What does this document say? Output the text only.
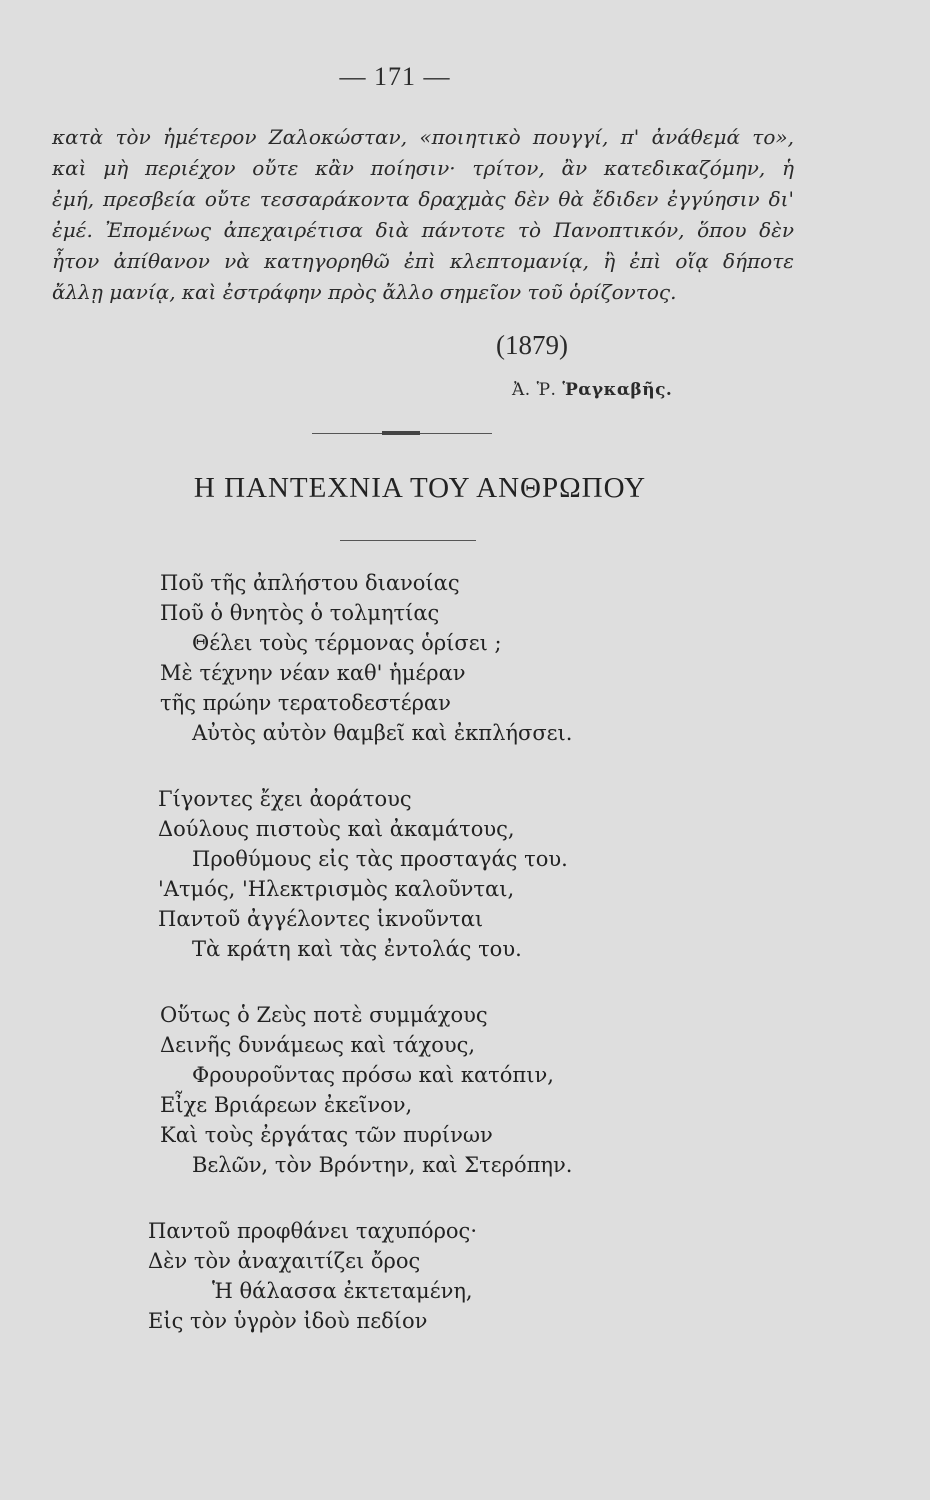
— 171 —
κατὰ τὸν ἡμέτερον Ζαλοκώσταν, «ποιητικὸ πουγγί, π' ἀνάθεμά το»,
καὶ μὴ περιέχον οὔτε κἂν ποίησιν· τρίτον, ἂν κατεδικαζόμην, ἡ
ἐμή, πρεσβεία οὔτε τεσσαράκοντα δραχμὰς δὲν θὰ ἔδιδεν ἐγγύησιν δι'
ἐμέ. Ἐπομένως ἀπεχαιρέτισα διὰ πάντοτε τὸ Πανοπτικόν, ὅπου δὲν
ἦτον ἀπίθανον νὰ κατηγορηθῶ ἐπὶ κλεπτομανίᾳ, ἢ ἐπὶ οἵᾳ δήποτε
ἄλλῃ μανίᾳ, καὶ ἐστράφην πρὸς ἄλλο σημεῖον τοῦ ὁρίζοντος.
(1879)
Ἀ. Ῥ. Ῥαγκαβῆς.
Η ΠΑΝΤΕΧΝΙΑ ΤΟΥ ΑΝΘΡΩΠΟΥ
Ποῦ τῆς ἀπλήστου διανοίας
Ποῦ ὁ θνητὸς ὁ τολμητίας
Θέλει τοὺς τέρμονας ὁρίσει ;
Μὲ τέχνην νέαν καθ' ἡμέραν
τῆς πρώην τερατοδεστέραν
Αὐτὸς αὐτὸν θαμβεῖ καὶ ἐκπλήσσει.
Γίγοντες ἔχει ἀοράτους
Δούλους πιστοὺς καὶ ἀκαμάτους,
Προθύμους εἰς τὰς προσταγάς του.
'Ατμός, 'Ηλεκτρισμὸς καλοῦνται,
Παντοῦ ἀγγέλοντες ἱκνοῦνται
Τὰ κράτη καὶ τὰς ἐντολάς του.
Οὕτως ὁ Ζεὺς ποτὲ συμμάχους
Δεινῆς δυνάμεως καὶ τάχους,
Φρουροῦντας πρόσω καὶ κατόπιν,
Εἶχε Βριάρεων ἐκεῖνον,
Καὶ τοὺς ἐργάτας τῶν πυρίνων
Βελῶν, τὸν Βρόντην, καὶ Στερόπην.
Παντοῦ προφθάνει ταχυπόρος·
Δὲν τὸν ἀναχαιτίζει ὄρος
Ἡ θάλασσα ἐκτεταμένη,
Εἰς τὸν ὑγρὸν ἰδοὺ πεδίον
